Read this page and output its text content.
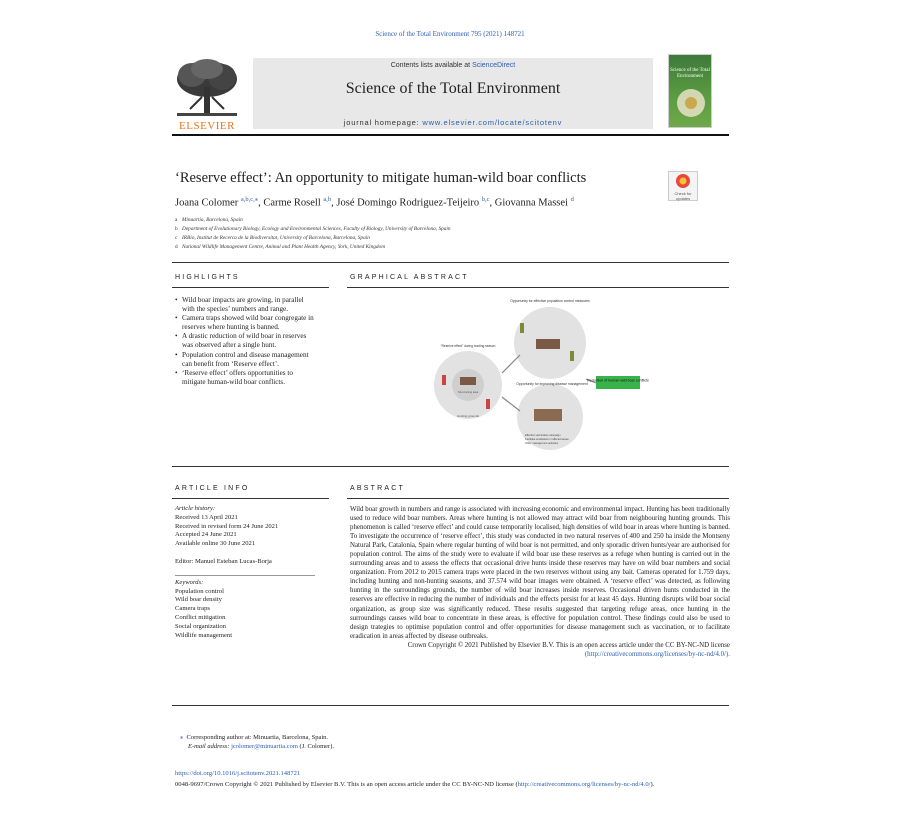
Science of the Total Environment 795 (2021) 148721
ELSEVIER
Contents lists available at ScienceDirect
Science of the Total Environment
journal homepage: www.elsevier.com/locate/scitotenv
Science of the Total Environment
‘Reserve effect’: An opportunity to mitigate human-wild boar conflicts
Check for updates
Joana Colomer $^{a,b,c,⁎}$, Carme Rosell $^{a,b}$, José Domingo Rodriguez-Teijeiro $^{b,c}$, Giovanna Massei $^d$
a Minuartia, Barcelona, Spain
b Department of Evolutionary Biology, Ecology and Environmental Sciences, Faculty of Biology, University of Barcelona, Spain
c IRBio, Institut de Recerca de la Biodiversitat, University of Barcelona, Barcelona, Spain
d National Wildlife Management Centre, Animal and Plant Health Agency, York, United Kingdom
HIGHLIGHTS
• Wild boar impacts are growing, in parallel with the species’ numbers and range.
• Camera traps showed wild boar congregate in reserves where hunting is banned.
• A drastic reduction of wild boar in reserves was observed after a single hunt.
• Population control and disease management can benefit from ‘Reserve effect’.
• ‘Reserve effect’ offers opportunities to mitigate human-wild boar conflicts.
GRAPHICAL ABSTRACT
Reduction of human-wild boar conflicts
Opportunity for effective population control measures
“Reserve effect” during hunting season
Opportunity for improving disease management
Hunting grounds
Non-hunting area
Effective vaccination campaign
Facilitate eradication in affected areas
Other management activities
ARTICLE INFO
Article history:
Received 13 April 2021
Received in revised form 24 June 2021
Accepted 24 June 2021
Available online 30 June 2021
Editor: Manuel Esteban Lucas-Borja
Keywords:
Population control
Wild boar density
Camera traps
Conflict mitigation
Social organization
Wildlife management
ABSTRACT
Wild boar growth in numbers and range is associated with increasing economic and environmental impact. Hunting has been traditionally used to reduce wild boar numbers. Areas where hunting is not allowed may attract wild boar from neighbouring hunting grounds. This phenomenon is called ‘reserve effect’ and could cause temporarily localised, high densities of wild boar in areas where hunting is banned. To investigate the occurrence of ‘reserve effect’, this study was conducted in two natural reserves of 400 and 250 ha inside the Montseny Natural Park, Catalonia, Spain where regular hunting of wild boar is not permitted, and only sporadic driven hunts/year are authorised for population control. The aims of the study were to evaluate if wild boar use these reserves as a refuge when hunting is carried out in the surrounding areas and to assess the effects that occasional drive hunts inside these reserves may have on wild boar numbers and social organization. From 2012 to 2015 camera traps were placed in the two reserves without using any bait. Cameras operated for 1.759 days, including hunting and non-hunting seasons, and 37.574 wild boar images were obtained. A ‘reserve effect’ was detected, as following hunting in the surroundings grounds, the number of wild boar increases inside reserves. Occasional driven hunts conducted in the reserves are effective in reducing the number of individuals and the effects persist for at least 45 days. Hunting disrupts wild boar social organization, as group size was significantly reduced. These results suggested that targeting refuge areas, once hunting in the surroundings causes wild boar to concentrate in these areas, is effective for population control. These findings could also be used to design trategies to optimise population control and offer opportunities for disease management such as vaccination, or to facilitate eradication in areas affected by disease outbreaks.
Crown Copyright © 2021 Published by Elsevier B.V. This is an open access article under the CC BY-NC-ND license (http://creativecommons.org/licenses/by-nc-nd/4.0/).
⁎ Corresponding author at: Minuartia, Barcelona, Spain.
E-mail address: jcolomer@minuartia.com (J. Colomer).
https://doi.org/10.1016/j.scitotenv.2021.148721
0048-9697/Crown Copyright © 2021 Published by Elsevier B.V. This is an open access article under the CC BY-NC-ND license (http://creativecommons.org/licenses/by-nc-nd/4.0/).
